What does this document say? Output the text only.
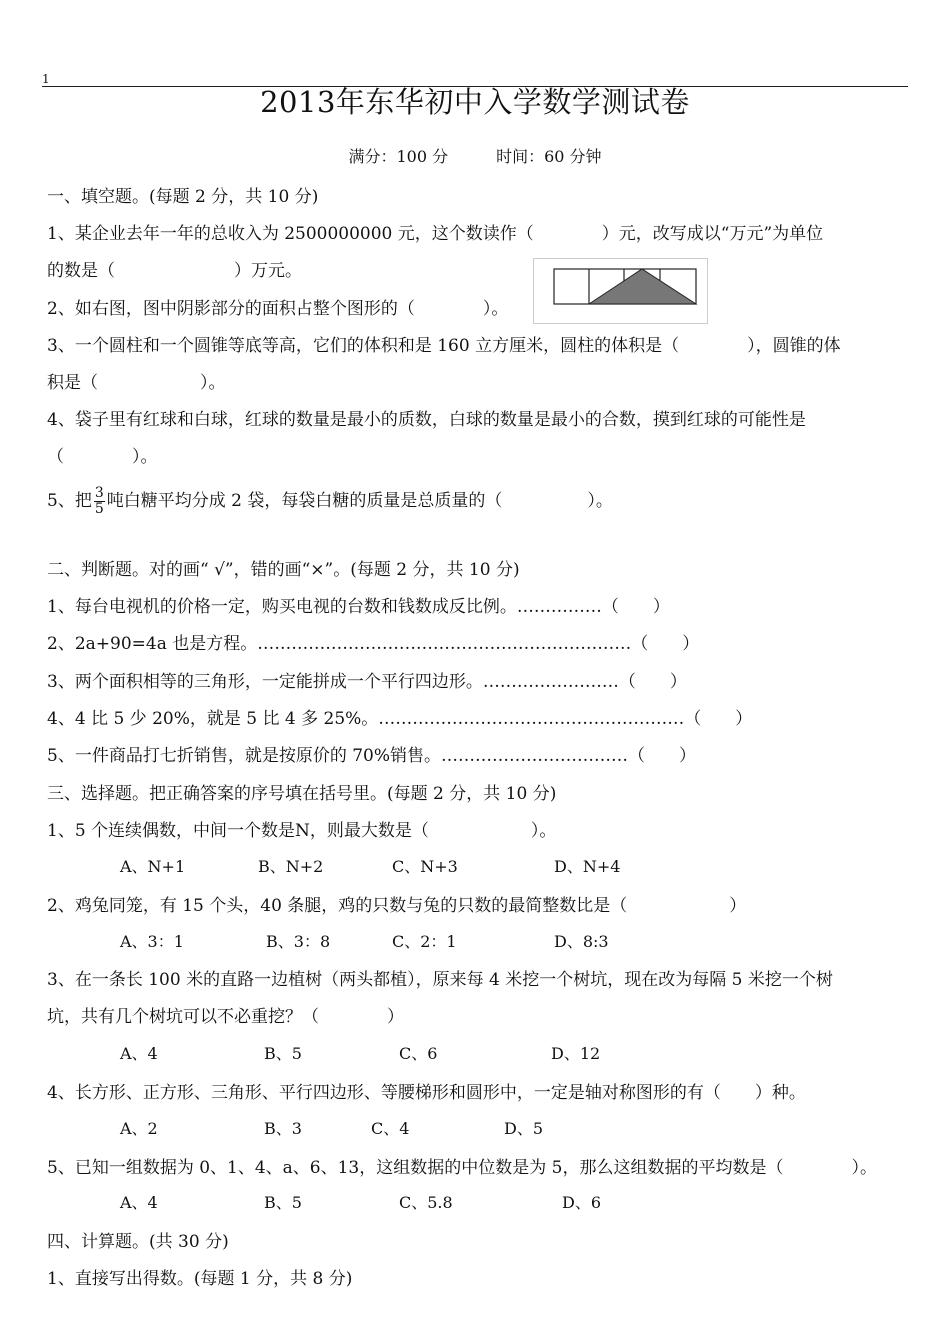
1
2013年东华初中入学数学测试卷
满分：100 分　　　时间：60 分钟
一、填空题。(每题 2 分，共 10 分)
1、某企业去年一年的总收入为 2500000000 元，这个数读作（　　　　）元，改写成以“万元”为单位
的数是（　　　　　　　）万元。
2、如右图，图中阴影部分的面积占整个图形的（　　　　）。
3、一个圆柱和一个圆锥等底等高，它们的体积和是 160 立方厘米，圆柱的体积是（　　　　），圆锥的体
积是（　　　　　　）。
4、袋子里有红球和白球，红球的数量是最小的质数，白球的数量是最小的合数，摸到红球的可能性是
（　　　　）。
5、把 $\frac{3}{5}$ 吨白糖平均分成 2 袋，每袋白糖的质量是总质量的（　　　　　）。
二、判断题。对的画“ √”，错的画“×”。(每题 2 分，共 10 分)
1、每台电视机的价格一定，购买电视的台数和钱数成反比例。……………（　　）
2、2a+90=4a 也是方程。…………………………………………………………（　　）
3、两个面积相等的三角形，一定能拼成一个平行四边形。……………………（　　）
4、4 比 5 少 20%，就是 5 比 4 多 25%。………………………………………………（　　）
5、一件商品打七折销售，就是按原价的 70%销售。……………………………（　　）
三、选择题。把正确答案的序号填在括号里。(每题 2 分，共 10 分)
1、5 个连续偶数，中间一个数是N，则最大数是（　　　　　　）。
A、N+1	B、N+2	C、N+3	D、N+4
2、鸡兔同笼，有 15 个头，40 条腿，鸡的只数与兔的只数的最简整数比是（　　　　　　）
A、3：1	B、3：8	C、2：1	D、8:3
3、在一条长 100 米的直路一边植树（两头都植），原来每 4 米挖一个树坑，现在改为每隔 5 米挖一个树
坑，共有几个树坑可以不必重挖？（　　　　）
A、4	B、5	C、6	D、12
4、长方形、正方形、三角形、平行四边形、等腰梯形和圆形中，一定是轴对称图形的有（　　）种。
A、2	B、3	C、4	D、5
5、已知一组数据为 0、1、4、a、6、13，这组数据的中位数是为 5，那么这组数据的平均数是（　　　　）。
A、4	B、5	C、5.8	D、6
四、计算题。(共 30 分)
1、直接写出得数。(每题 1 分，共 8 分)
